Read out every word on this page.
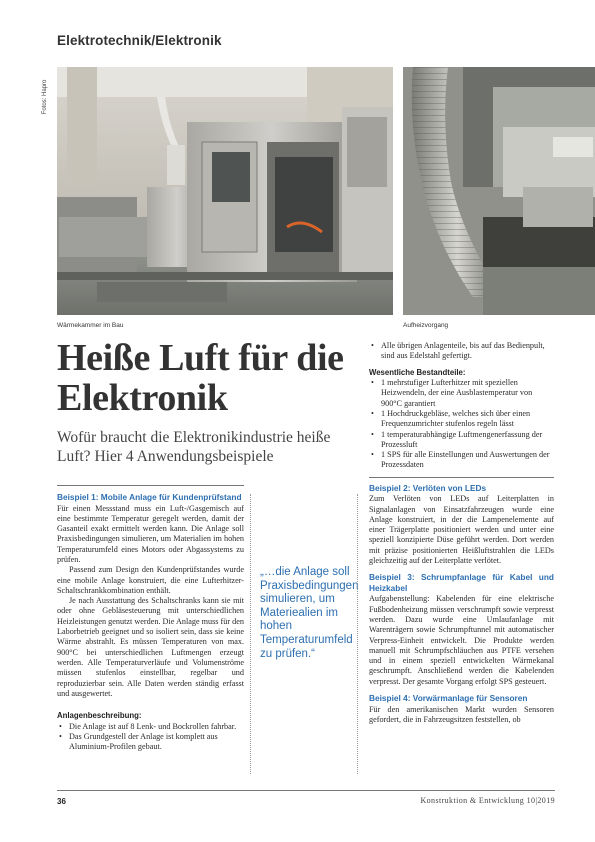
Elektrotechnik/Elektronik
Fotos: Hapro
Wärmekammer im Bau	Aufheizvorgang
Heiße Luft für die Elektronik
Wofür braucht die Elektronikindustrie heiße Luft? Hier 4 Anwendungsbeispiele
Beispiel 1: Mobile Anlage für Kundenprüfstand

Für einen Messstand muss ein Luft-/Gasgemisch auf eine bestimmte Temperatur geregelt werden, damit der Gasanteil exakt ermittelt werden kann. Die Anlage soll Praxisbedingungen simulieren, um Materialien im hohen Temperaturumfeld eines Motors oder Abgassystems zu prüfen.

Passend zum Design den Kundenprüfstandes wurde eine mobile Anlage konstruiert, die eine Lufterhitzer-Schaltschrankkombination enthält.

Je nach Ausstattung des Schaltschranks kann sie mit oder ohne Gebläsesteuerung mit unterschiedlichen Heizleistungen genutzt werden. Die Anlage muss für den Laborbetrieb geeignet und so isoliert sein, dass sie keine Wärme abstrahlt. Es müssen Temperaturen von max. 900°C bei unterschiedlichen Luftmengen erzeugt werden. Alle Temperaturverläufe und Volumenströme müssen stufenlos einstellbar, regelbar und reproduzierbar sein. Alle Daten werden ständig erfasst und ausgewertet.

Anlagenbeschreibung:
• Die Anlage ist auf 8 Lenk- und Bockrollen fahrbar.
• Das Grundgestell der Anlage ist komplett aus Aluminium-Profilen gebaut.
„…die Anlage soll Praxisbedingungen simulieren, um Materiealien im hohen Temperaturumfeld zu prüfen.“
• Alle übrigen Anlagenteile, bis auf das Bedienpult, sind aus Edelstahl gefertigt.
Wesentliche Bestandteile:
• 1 mehrstufiger Lufterhitzer mit speziellen Heizwendeln, der eine Ausblastemperatur von 900°C garantiert
• 1 Hochdruckgebläse, welches sich über einen Frequenzumrichter stufenlos regeln lässt
• 1 temperaturabhängige Luftmengenerfassung der Prozessluft
• 1 SPS für alle Einstellungen und Auswertungen der Prozessdaten
Beispiel 2: Verlöten von LEDs

Zum Verlöten von LEDs auf Leiterplatten in Signalanlagen von Einsatzfahrzeugen wurde eine Anlage konstruiert, in der die Lampenelemente auf einer Trägerplatte positioniert werden und unter eine speziell konzipierte Düse geführt werden. Dort werden mit präzise positionierten Heißluftstrahlen die LEDs gleichzeitig auf der Leiterplatte verlötet.

Beispiel 3: Schrumpfanlage für Kabel und Heizkabel

Aufgabenstellung: Kabelenden für eine elektrische Fußbodenheizung müssen verschrumpft sowie verpresst werden. Dazu wurde eine Umlaufanlage mit Warenträgern sowie Schrumpftunnel mit automatischer Verpress-Einheit entwickelt. Die Produkte werden manuell mit Schrumpfschläuchen aus PTFE versehen und in einem speziell entwickelten Wärmekanal geschrumpft. Anschließend werden die Kabelenden verpresst. Der gesamte Vorgang erfolgt SPS gesteuert.

Beispiel 4: Vorwärmanlage für Sensoren

Für den amerikanischen Markt wurden Sensoren gefordert, die in Fahrzeugsitzen feststellen, ob

36	Konstruktion & Entwicklung 10|2019
